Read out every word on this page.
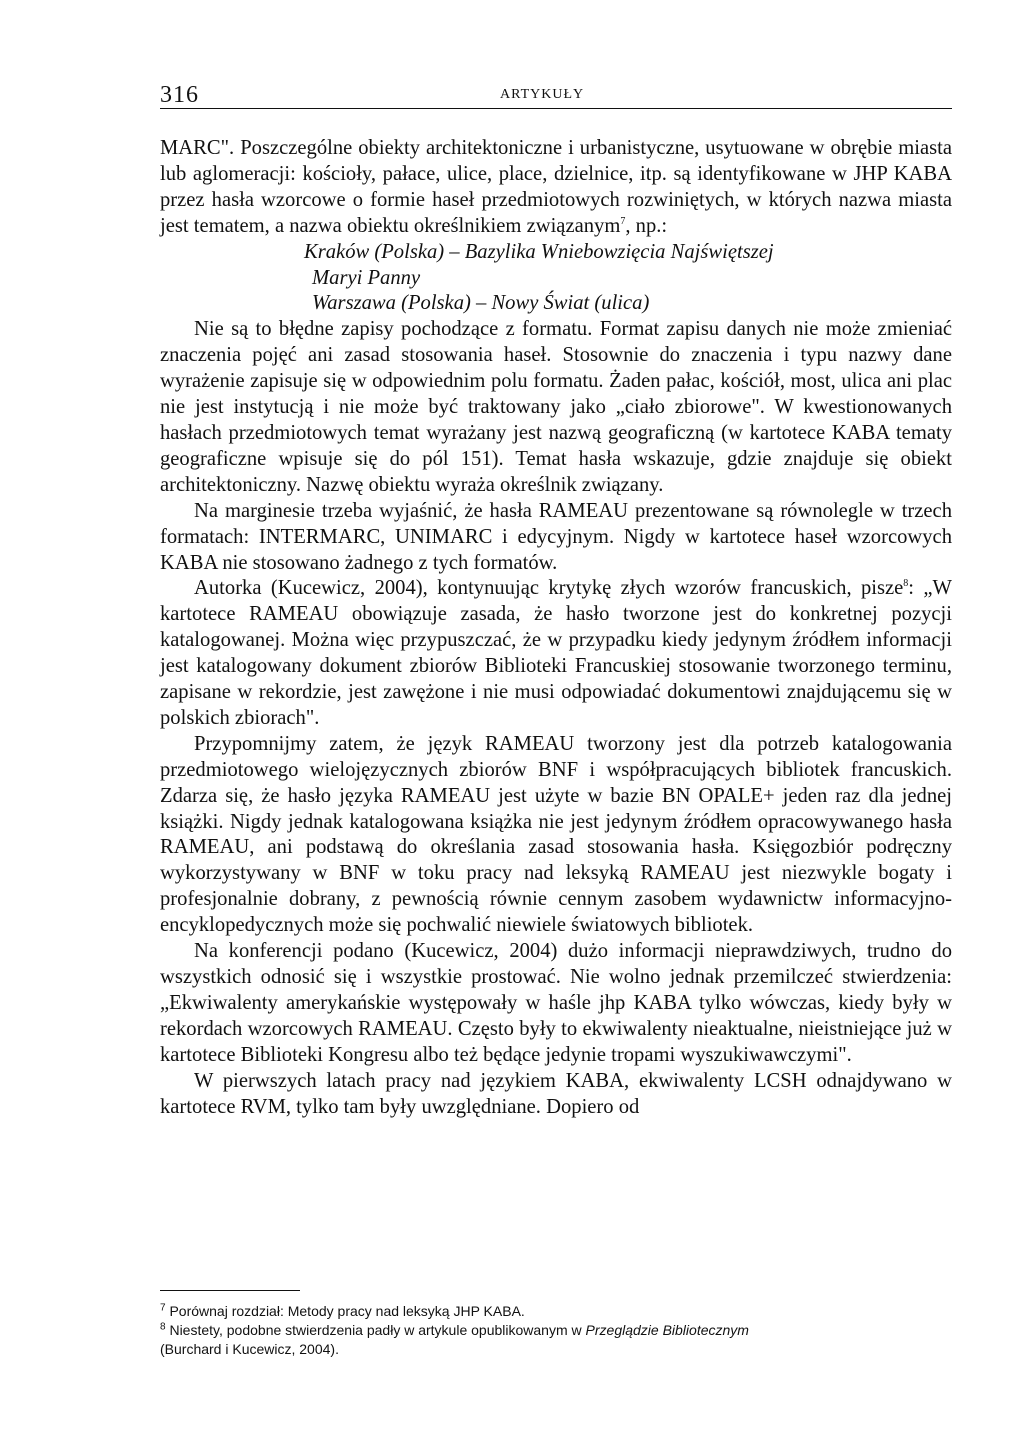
316	ARTYKUŁY

MARC". Poszczególne obiekty architektoniczne i urbanistyczne, usytuowane w obrębie miasta lub aglomeracji: kościoły, pałace, ulice, place, dzielnice, itp. są identyfikowane w JHP KABA przez hasła wzorcowe o formie haseł przedmiotowych rozwiniętych, w których nazwa miasta jest tematem, a nazwa obiektu określnikiem związanym$^7$, np.:

Kraków (Polska) – Bazylika Wniebowzięcia Najświętszej
Maryi Panny
Warszawa (Polska) – Nowy Świat (ulica)

Nie są to błędne zapisy pochodzące z formatu. Format zapisu danych nie może zmieniać znaczenia pojęć ani zasad stosowania haseł. Stosownie do znaczenia i typu nazwy dane wyrażenie zapisuje się w odpowiednim polu formatu. Żaden pałac, kościół, most, ulica ani plac nie jest instytucją i nie może być traktowany jako „ciało zbiorowe". W kwestionowanych hasłach przedmiotowych temat wyrażany jest nazwą geograficzną (w kartotece KABA tematy geograficzne wpisuje się do pól 151). Temat hasła wskazuje, gdzie znajduje się obiekt architektoniczny. Nazwę obiektu wyraża określnik związany.

Na marginesie trzeba wyjaśnić, że hasła RAMEAU prezentowane są równolegle w trzech formatach: INTERMARC, UNIMARC i edycyjnym. Nigdy w kartotece haseł wzorcowych KABA nie stosowano żadnego z tych formatów.

Autorka (Kucewicz, 2004), kontynuując krytykę złych wzorów francuskich, pisze$^8$: „W kartotece RAMEAU obowiązuje zasada, że hasło tworzone jest do konkretnej pozycji katalogowanej. Można więc przypuszczać, że w przypadku kiedy jedynym źródłem informacji jest katalogowany dokument zbiorów Biblioteki Francuskiej stosowanie tworzonego terminu, zapisane w rekordzie, jest zawężone i nie musi odpowiadać dokumentowi znajdującemu się w polskich zbiorach".

Przypomnijmy zatem, że język RAMEAU tworzony jest dla potrzeb katalogowania przedmiotowego wielojęzycznych zbiorów BNF i współpracujących bibliotek francuskich. Zdarza się, że hasło języka RAMEAU jest użyte w bazie BN OPALE+ jeden raz dla jednej książki. Nigdy jednak katalogowana książka nie jest jedynym źródłem opracowywanego hasła RAMEAU, ani podstawą do określania zasad stosowania hasła. Księgozbiór podręczny wykorzystywany w BNF w toku pracy nad leksyką RAMEAU jest niezwykle bogaty i profesjonalnie dobrany, z pewnością równie cennym zasobem wydawnictw informacyjno-encyklopedycznych może się pochwalić niewiele światowych bibliotek.

Na konferencji podano (Kucewicz, 2004) dużo informacji nieprawdziwych, trudno do wszystkich odnosić się i wszystkie prostować. Nie wolno jednak przemilczeć stwierdzenia: „Ekwiwalenty amerykańskie występowały w haśle jhp KABA tylko wówczas, kiedy były w rekordach wzorcowych RAMEAU. Często były to ekwiwalenty nieaktualne, nieistniejące już w kartotece Biblioteki Kongresu albo też będące jedynie tropami wyszukiwawczymi".

W pierwszych latach pracy nad językiem KABA, ekwiwalenty LCSH odnajdywano w kartotece RVM, tylko tam były uwzględniane. Dopiero od

$^7$ Porównaj rozdział: Metody pracy nad leksyką JHP KABA.

$^8$ Niestety, podobne stwierdzenia padły w artykule opublikowanym w Przeglądzie Bibliotecznym

(Burchard i Kucewicz, 2004).
